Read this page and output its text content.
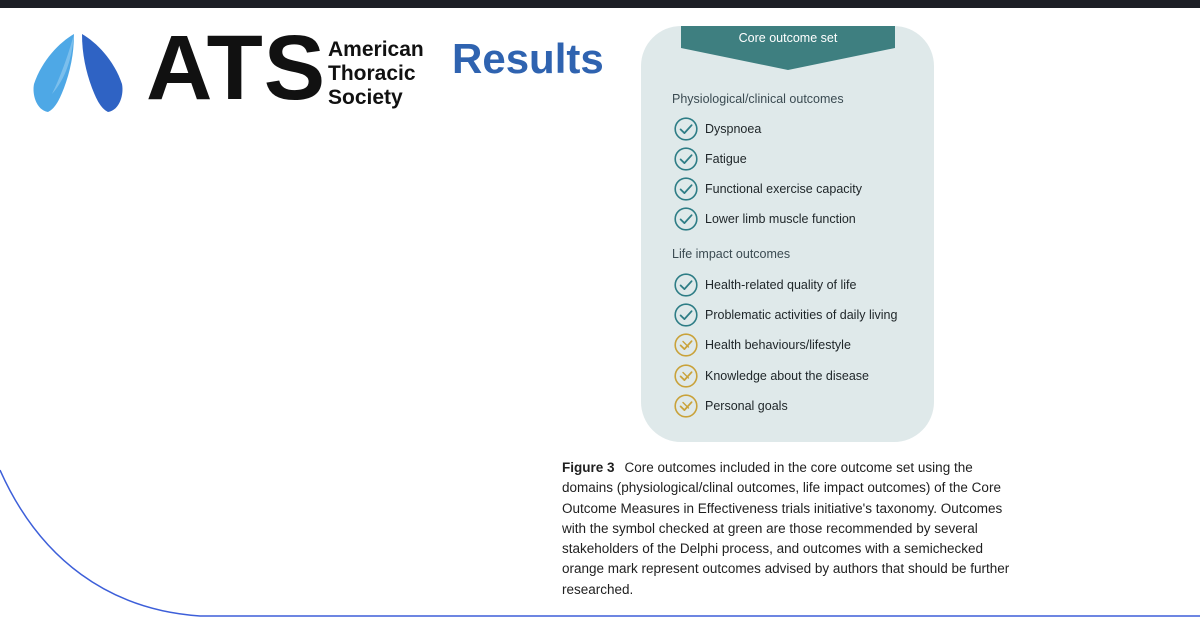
ATS American
Thoracic
Society
Results	Core outcome set
Physiological/clinical outcomes
Dyspnoea
Fatigue
Functional exercise capacity
Lower limb muscle function
Life impact outcomes
Health-related quality of life
Problematic activities of daily living
Health behaviours/lifestyle
Knowledge about the disease
Personal goals
Figure 3 Core outcomes included in the core outcome set using the domains (physiological/clinal outcomes, life impact outcomes) of the Core Outcome Measures in Effectiveness trials initiative's taxonomy. Outcomes with the symbol checked at green are those recommended by several stakeholders of the Delphi process, and outcomes with a semichecked orange mark represent outcomes advised by authors that should be further researched.
